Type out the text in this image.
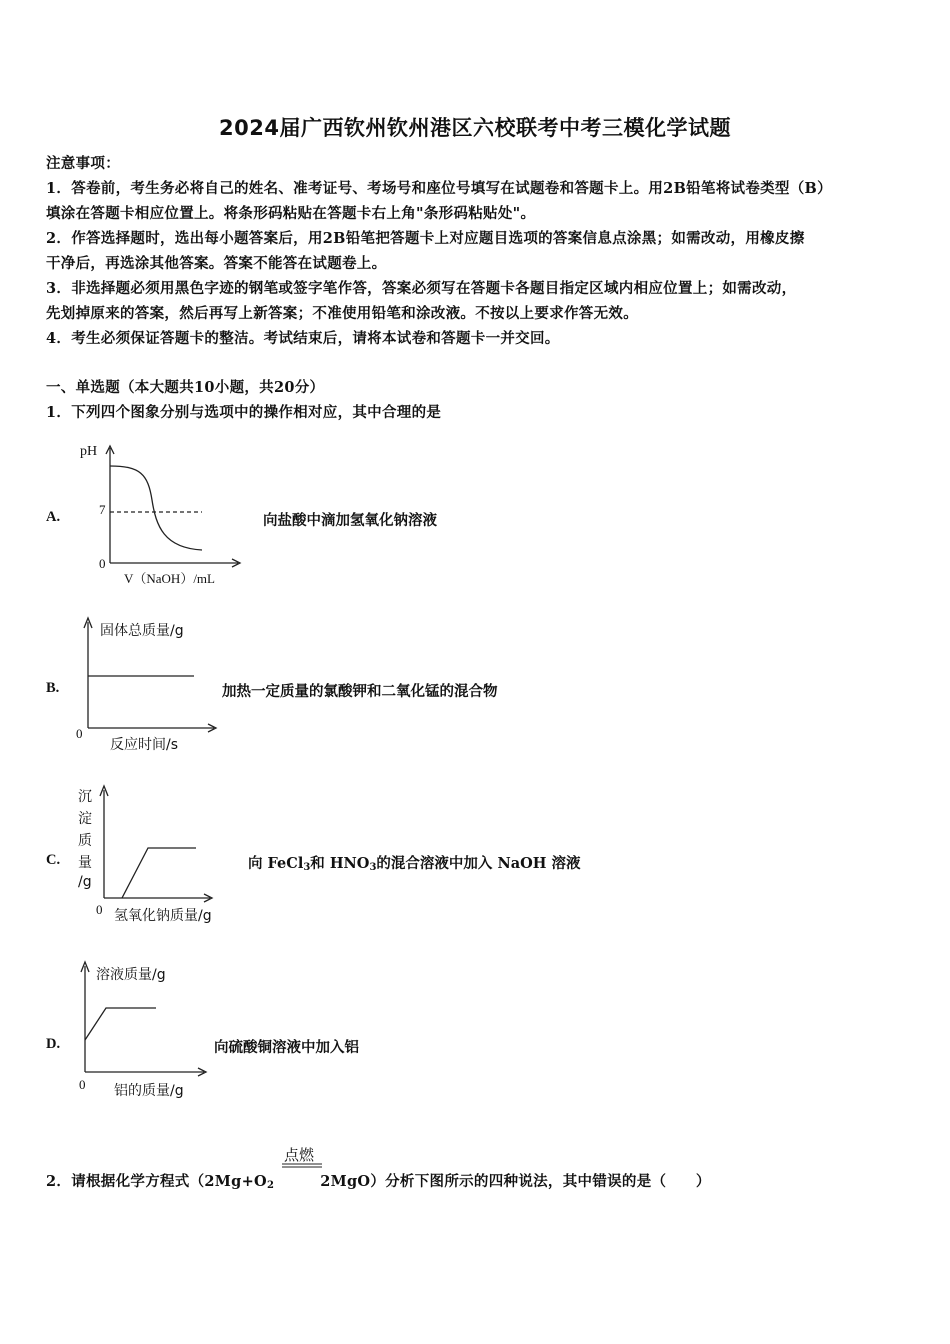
2024届广西钦州钦州港区六校联考中考三模化学试题
注意事项：
1．答卷前，考生务必将自己的姓名、准考证号、考场号和座位号填写在试题卷和答题卡上。用2B铅笔将试卷类型（B）
填涂在答题卡相应位置上。将条形码粘贴在答题卡右上角"条形码粘贴处"。
2．作答选择题时，选出每小题答案后，用2B铅笔把答题卡上对应题目选项的答案信息点涂黑；如需改动，用橡皮擦
干净后，再选涂其他答案。答案不能答在试题卷上。
3．非选择题必须用黑色字迹的钢笔或签字笔作答，答案必须写在答题卡各题目指定区域内相应位置上；如需改动，
先划掉原来的答案，然后再写上新答案；不准使用铅笔和涂改液。不按以上要求作答无效。
4．考生必须保证答题卡的整洁。考试结束后，请将本试卷和答题卡一并交回。
一、单选题（本大题共10小题，共20分）
1．下列四个图象分别与选项中的操作相对应，其中合理的是
A.
pH
7
0
V（NaOH）/mL
向盐酸中滴加氢氧化钠溶液
B.
固体总质量/g
0
反应时间/s
加热一定质量的氯酸钾和二氧化锰的混合物
C.
沉
淀
质
量
/g
0 氢氧化钠质量/g
向 FeCl$_3$和 $HNO_3$的混合溶液中加入 NaOH 溶液
D.
溶液质量/g
0 铝的质量/g
向硫酸铜溶液中加入铝
2．请根据化学方程式（$2Mg+O_2$	2MgO）分析下图所示的四种说法，其中错误的是（　　）
点燃
